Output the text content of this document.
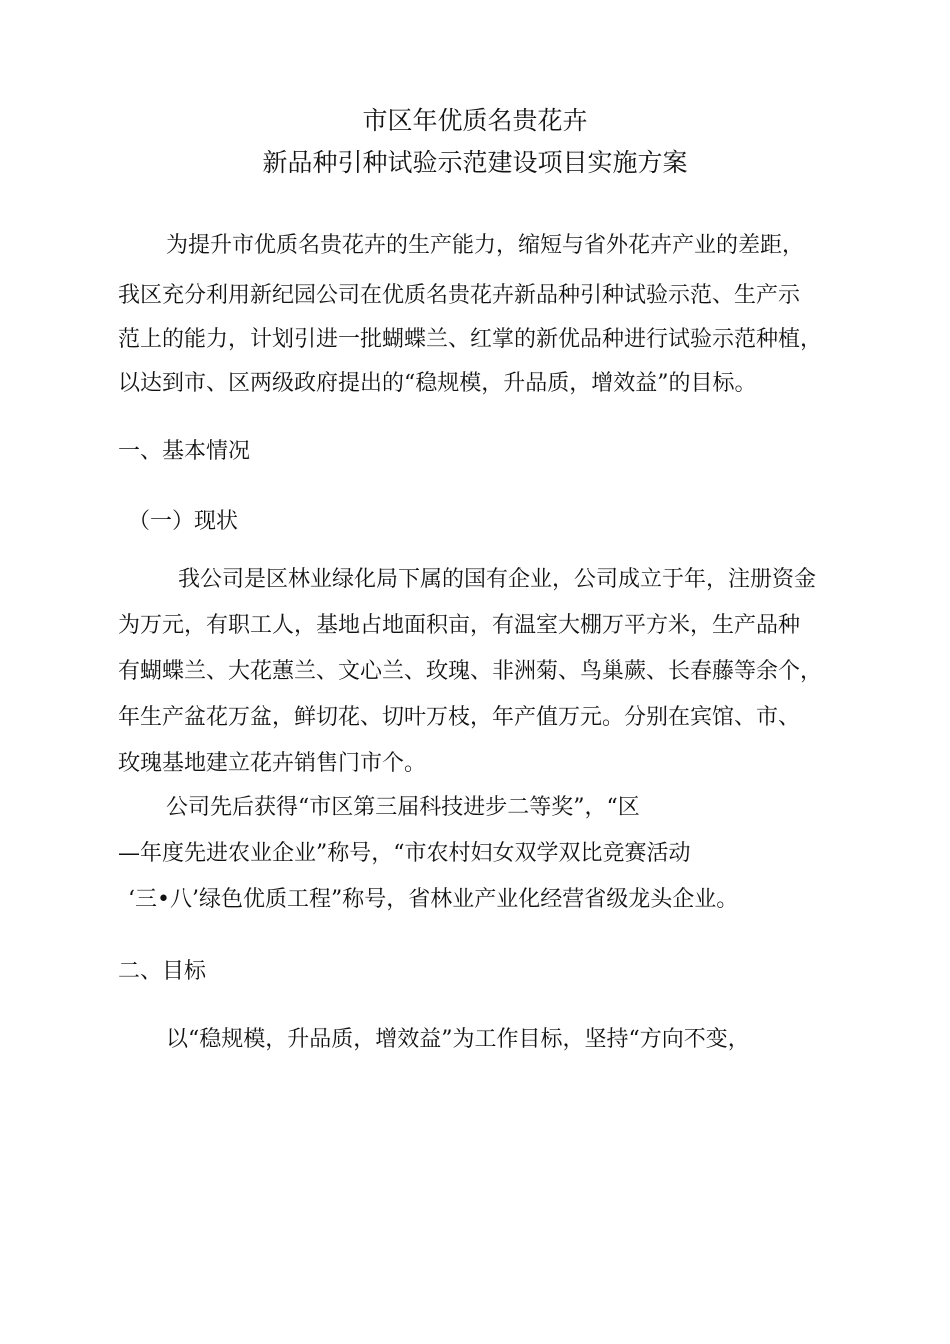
市区年优质名贵花卉
新品种引种试验示范建设项目实施方案

为提升市优质名贵花卉的生产能力，缩短与省外花卉产业的差距，

我区充分利用新纪园公司在优质名贵花卉新品种引种试验示范、生产示

范上的能力，计划引进一批蝴蝶兰、红掌的新优品种进行试验示范种植，

以达到市、区两级政府提出的“稳规模，升品质，增效益”的目标。

一、基本情况
（一）现状

我公司是区林业绿化局下属的国有企业，公司成立于年，注册资金

为万元，有职工人，基地占地面积亩，有温室大棚万平方米，生产品种

有蝴蝶兰、大花蕙兰、文心兰、玫瑰、非洲菊、鸟巢蕨、长春藤等余个，

年生产盆花万盆，鲜切花、切叶万枝，年产值万元。分别在宾馆、市、

玫瑰基地建立花卉销售门市个。

公司先后获得“市区第三届科技进步二等奖”，“区

—年度先进农业企业”称号，“市农村妇女双学双比竞赛活动

‘三•八’绿色优质工程”称号，省林业产业化经营省级龙头企业。

二、目标

以“稳规模，升品质，增效益”为工作目标，坚持“方向不变，
